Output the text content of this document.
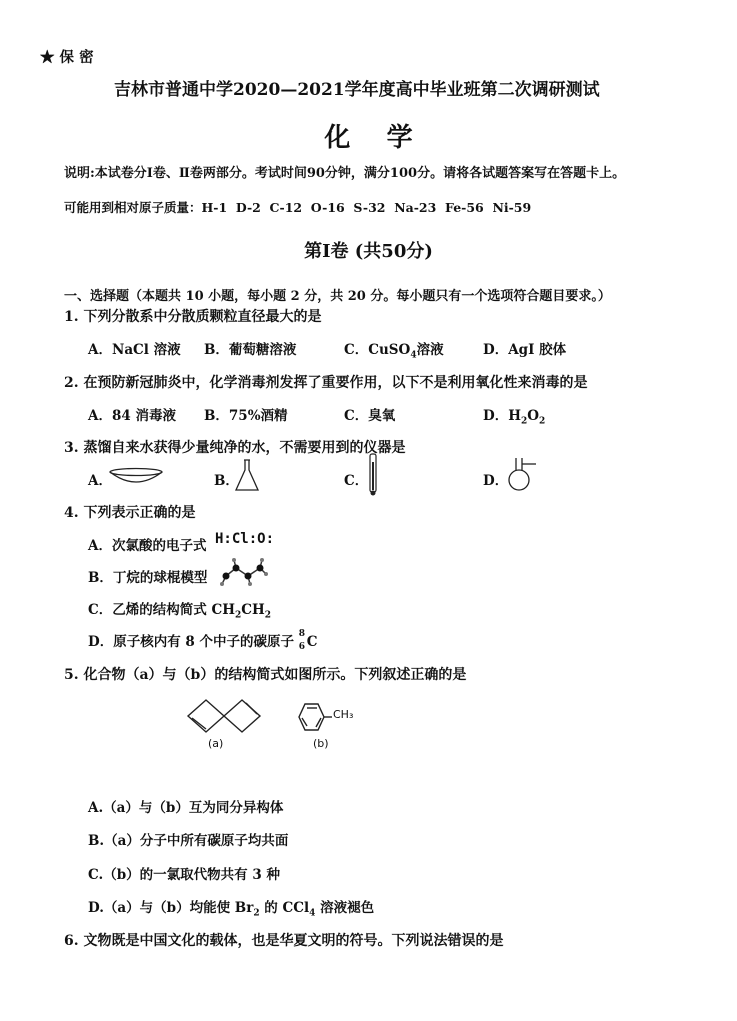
★ 保 密
吉林市普通中学2020—2021学年度高中毕业班第二次调研测试
化    学
说明:本试卷分Ⅰ卷、Ⅱ卷两部分。考试时间90分钟，满分100分。请将各试题答案写在答题卡上。
可能用到相对原子质量：H-1  D-2  C-12  O-16  S-32  Na-23  Fe-56  Ni-59
第Ⅰ卷 (共50分)
一、选择题（本题共 10 小题，每小题 2 分，共 20 分。每小题只有一个选项符合题目要求。）
1. 下列分散系中分散质颗粒直径最大的是
A．NaCl 溶液 B．葡萄糖溶液	C．CuSO$_4$溶液	D．AgI 胶体
2. 在预防新冠肺炎中，化学消毒剂发挥了重要作用，以下不是利用氧化性来消毒的是
A．84 消毒液 B．75%酒精	C．臭氧	D．$H_2O_2$
3. 蒸馏自来水获得少量纯净的水，不需要用到的仪器是
A．	B．	C．	D．
4. 下列表示正确的是
A．次氯酸的电子式 H:Cl:O:
B．丁烷的球棍模型
C．乙烯的结构简式 $CH_2CH_2$
D．原子核内有 8 个中子的碳原子
8
6 C
5. 化合物（a）与（b）的结构简式如图所示。下列叙述正确的是
(a)
CH₃
(b)
A.（a）与（b）互为同分异构体
B.（a）分子中所有碳原子均共面
C.（b）的一氯取代物共有 3 种
D.（a）与（b）均能使 $Br_2$ 的 CCl$_4$ 溶液褪色
6. 文物既是中国文化的载体，也是华夏文明的符号。下列说法错误的是
